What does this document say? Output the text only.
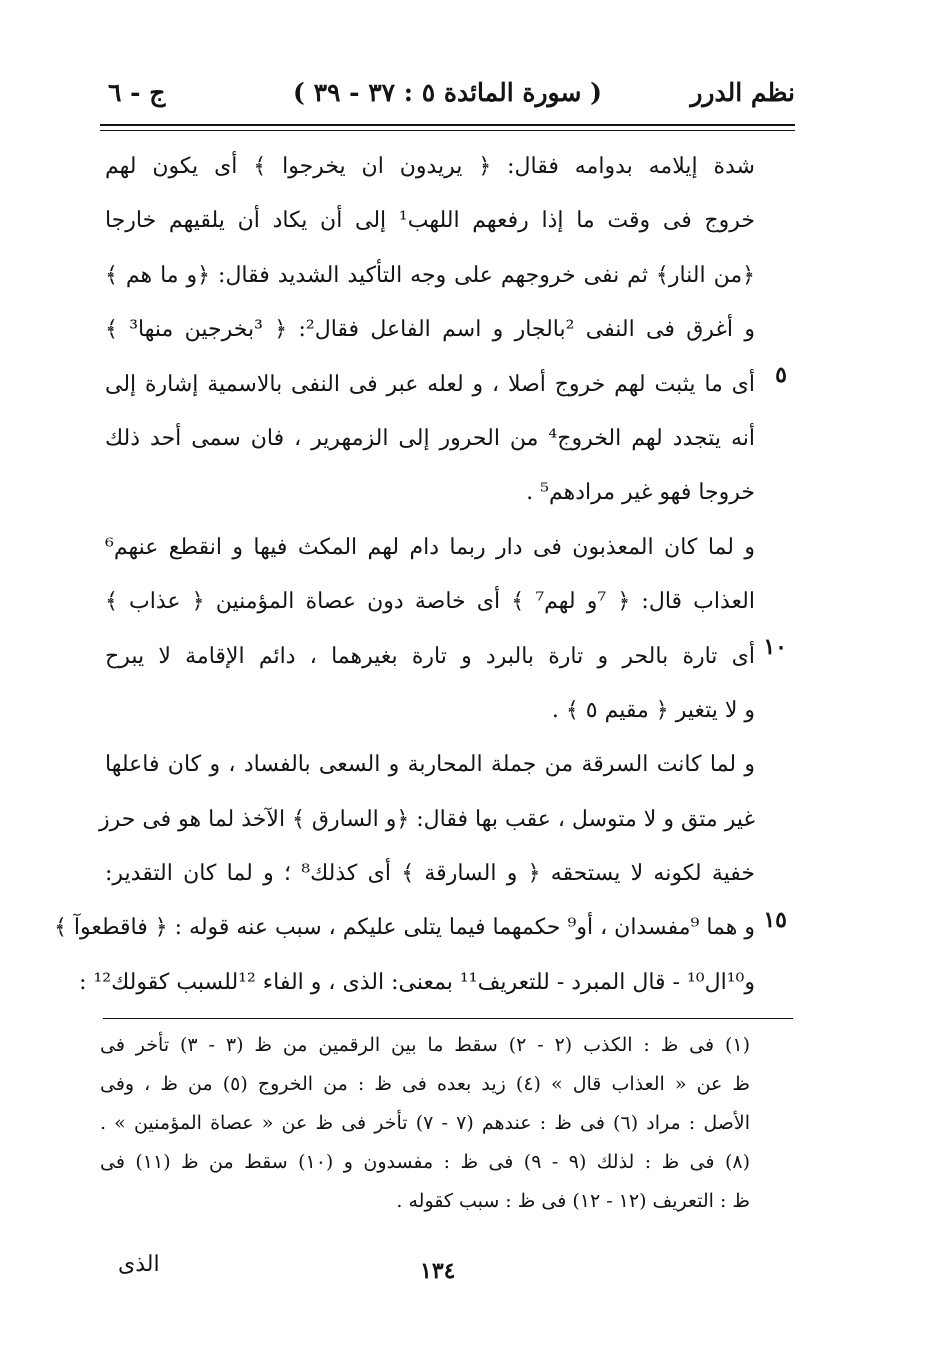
نظم الدرر
( سورة المائدة ٥ : ٣٧ - ٣٩ )
ج - ٦
شدة إيلامه بدوامه فقال: ﴿ يريدون ان يخرجوا ﴾ أى يكون لهم
خروج فى وقت ما إذا رفعهم اللهب¹ إلى أن يكاد أن يلقيهم خارجا
﴿من النار﴾ ثم نفى خروجهم على وجه التأكيد الشديد فقال: ﴿و ما هم ﴾
و أغرق فى النفى ²بالجار و اسم الفاعل فقال²: ﴿ ³بخرجين منها³ ﴾
أى ما يثبت لهم خروج أصلا ، و لعله عبر فى النفى بالاسمية إشارة إلى
أنه يتجدد لهم الخروج⁴ من الحرور إلى الزمهرير ، فان سمى أحد ذلك
خروجا فهو غير مرادهم⁵ .
و لما كان المعذبون فى دار ربما دام لهم المكث فيها و انقطع عنهم⁶
العذاب قال: ﴿ ⁷و لهم⁷ ﴾ أى خاصة دون عصاة المؤمنين ﴿ عذاب ﴾
أى تارة بالحر و تارة بالبرد و تارة بغيرهما ، دائم الإقامة لا يبرح
و لا يتغير ﴿ مقيم ٥ ﴾ .
و لما كانت السرقة من جملة المحاربة و السعى بالفساد ، و كان فاعلها
غير متق و لا متوسل ، عقب بها فقال: ﴿و السارق ﴾ الآخذ لما هو فى حرز
خفية لكونه لا يستحقه ﴿ و السارقة ﴾ أى كذلك⁸ ؛ و لما كان التقدير:
و هما ⁹مفسدان ، أو⁹ حكمهما فيما يتلى عليكم ، سبب عنه قوله : ﴿ فاقطعوآ ﴾
و¹⁰ال¹⁰ - قال المبرد - للتعريف¹¹ بمعنى: الذى ، و الفاء ¹²للسبب كقولك¹² :
٥
١٠
١٥
(١) فى ظ : الكذب (٢ - ٢) سقط ما بين الرقمين من ظ (٣ - ٣) تأخر فى
ظ عن « العذاب قال » (٤) زيد بعده فى ظ : من الخروج (٥) من ظ ، وفى
الأصل : مراد (٦) فى ظ : عندهم (٧ - ٧) تأخر فى ظ عن « عصاة المؤمنين » .
(٨) فى ظ : لذلك (٩ - ٩) فى ظ : مفسدون و (١٠) سقط من ظ (١١) فى
ظ : التعريف (١٢ - ١٢) فى ظ : سبب كقوله .
١٣٤
الذى
